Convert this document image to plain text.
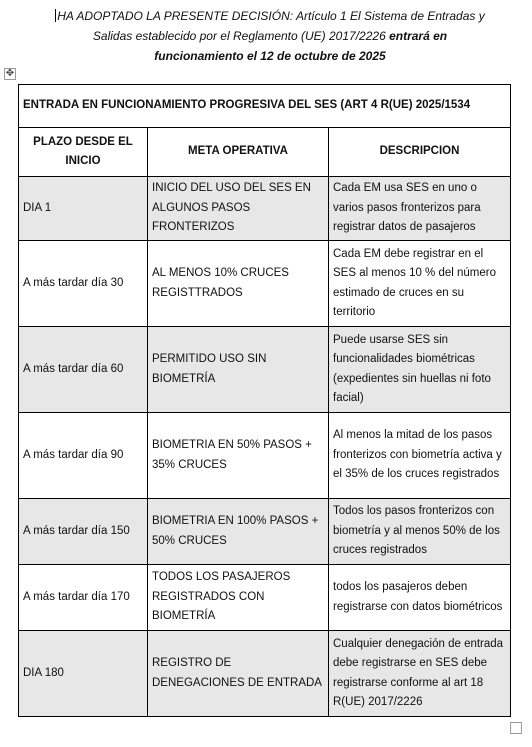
HA ADOPTADO LA PRESENTE DECISIÓN: Artículo 1 El Sistema de Entradas y
Salidas establecido por el Reglamento (UE) 2017/2226 entrará en
funcionamiento el 12 de octubre de 2025
✥
ENTRADA EN FUNCIONAMIENTO PROGRESIVA DEL SES (ART 4 R(UE) 2025/1534		
PLAZO DESDE EL INICIO	META OPERATIVA	DESCRIPCION
DIA 1	INICIO DEL USO DEL SES EN ALGUNOS PASOS FRONTERIZOS	Cada EM usa SES en uno o varios pasos fronterizos para registrar datos de pasajeros
A más tardar día 30	AL MENOS 10% CRUCES REGISTTRADOS	Cada EM debe registrar en el SES al menos 10 % del número estimado de cruces en su territorio
A más tardar día 60	PERMITIDO USO SIN BIOMETRÍA	Puede usarse SES sin funcionalidades biométricas (expedientes sin huellas ni foto facial)
A más tardar día 90	BIOMETRIA EN 50% PASOS + 35% CRUCES	Al menos la mitad de los pasos fronterizos con biometría activa y el 35% de los cruces registrados
A más tardar día 150	BIOMETRIA EN 100% PASOS + 50% CRUCES	Todos los pasos fronterizos con biometría y al menos 50% de los cruces registrados
A más tardar día 170	TODOS LOS PASAJEROS REGISTRADOS CON BIOMETRÍA	todos los pasajeros deben registrarse con datos biométricos
DIA 180	REGISTRO DE DENEGACIONES DE ENTRADA	Cualquier denegación de entrada debe registrarse en SES debe registrarse conforme al art 18 R(UE) 2017/2226
